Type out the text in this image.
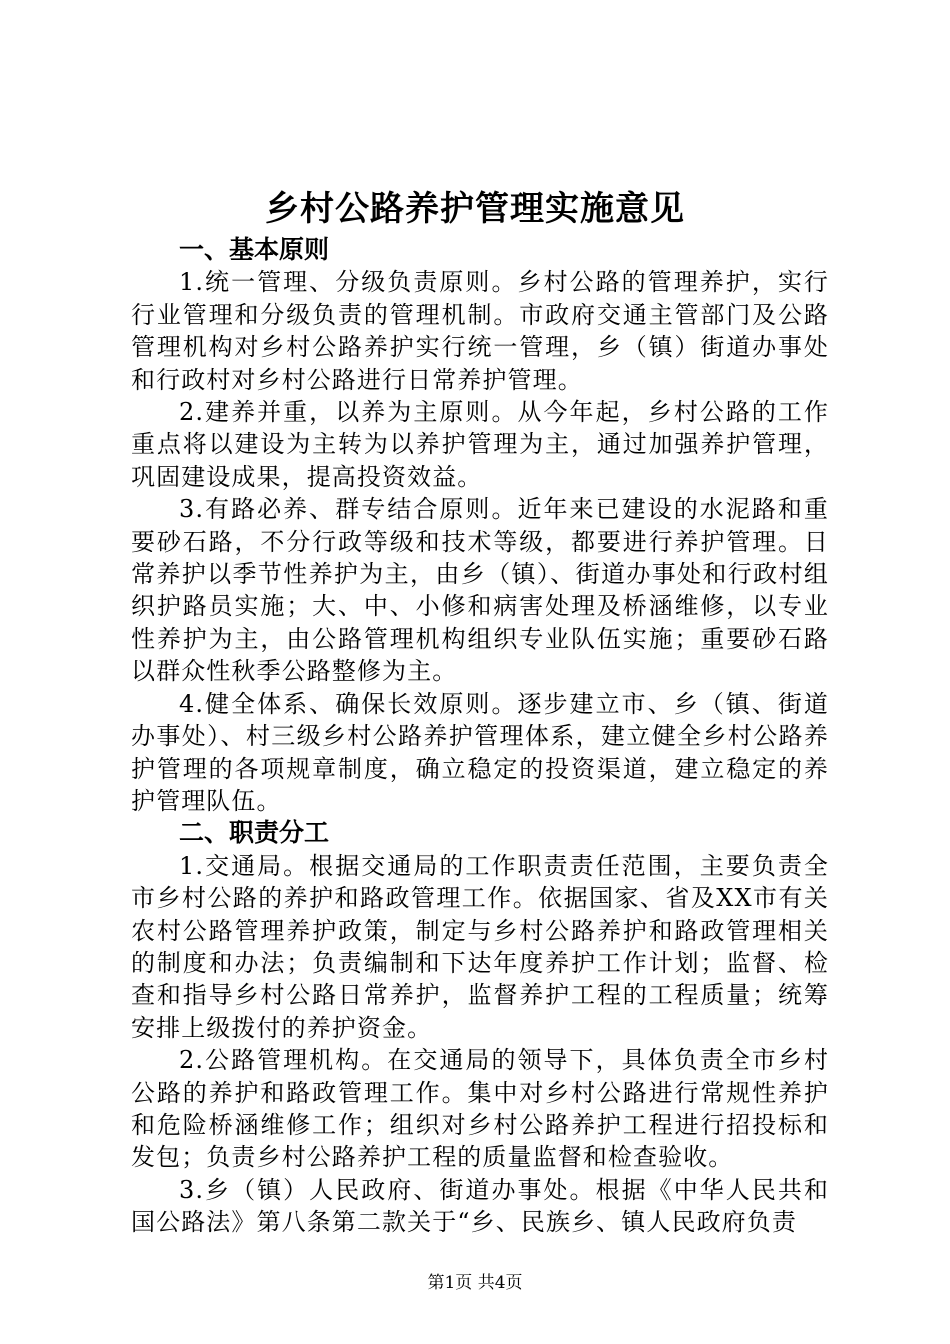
乡村公路养护管理实施意见

一、基本原则

1.统一管理、分级负责原则。乡村公路的管理养护，实行行业管理和分级负责的管理机制。市政府交通主管部门及公路管理机构对乡村公路养护实行统一管理，乡（镇）街道办事处和行政村对乡村公路进行日常养护管理。

2.建养并重，以养为主原则。从今年起，乡村公路的工作重点将以建设为主转为以养护管理为主，通过加强养护管理，巩固建设成果，提高投资效益。

3.有路必养、群专结合原则。近年来已建设的水泥路和重要砂石路，不分行政等级和技术等级，都要进行养护管理。日常养护以季节性养护为主，由乡（镇）、街道办事处和行政村组织护路员实施；大、中、小修和病害处理及桥涵维修，以专业性养护为主，由公路管理机构组织专业队伍实施；重要砂石路以群众性秋季公路整修为主。

4.健全体系、确保长效原则。逐步建立市、乡（镇、街道办事处）、村三级乡村公路养护管理体系，建立健全乡村公路养护管理的各项规章制度，确立稳定的投资渠道，建立稳定的养护管理队伍。

二、职责分工

1.交通局。根据交通局的工作职责责任范围，主要负责全市乡村公路的养护和路政管理工作。依据国家、省及XX市有关农村公路管理养护政策，制定与乡村公路养护和路政管理相关的制度和办法；负责编制和下达年度养护工作计划；监督、检查和指导乡村公路日常养护，监督养护工程的工程质量；统筹安排上级拨付的养护资金。

2.公路管理机构。在交通局的领导下，具体负责全市乡村公路的养护和路政管理工作。集中对乡村公路进行常规性养护和危险桥涵维修工作；组织对乡村公路养护工程进行招投标和发包；负责乡村公路养护工程的质量监督和检查验收。

3.乡（镇）人民政府、街道办事处。根据《中华人民共和国公路法》第八条第二款关于“乡、民族乡、镇人民政府负责

第1页 共4页
